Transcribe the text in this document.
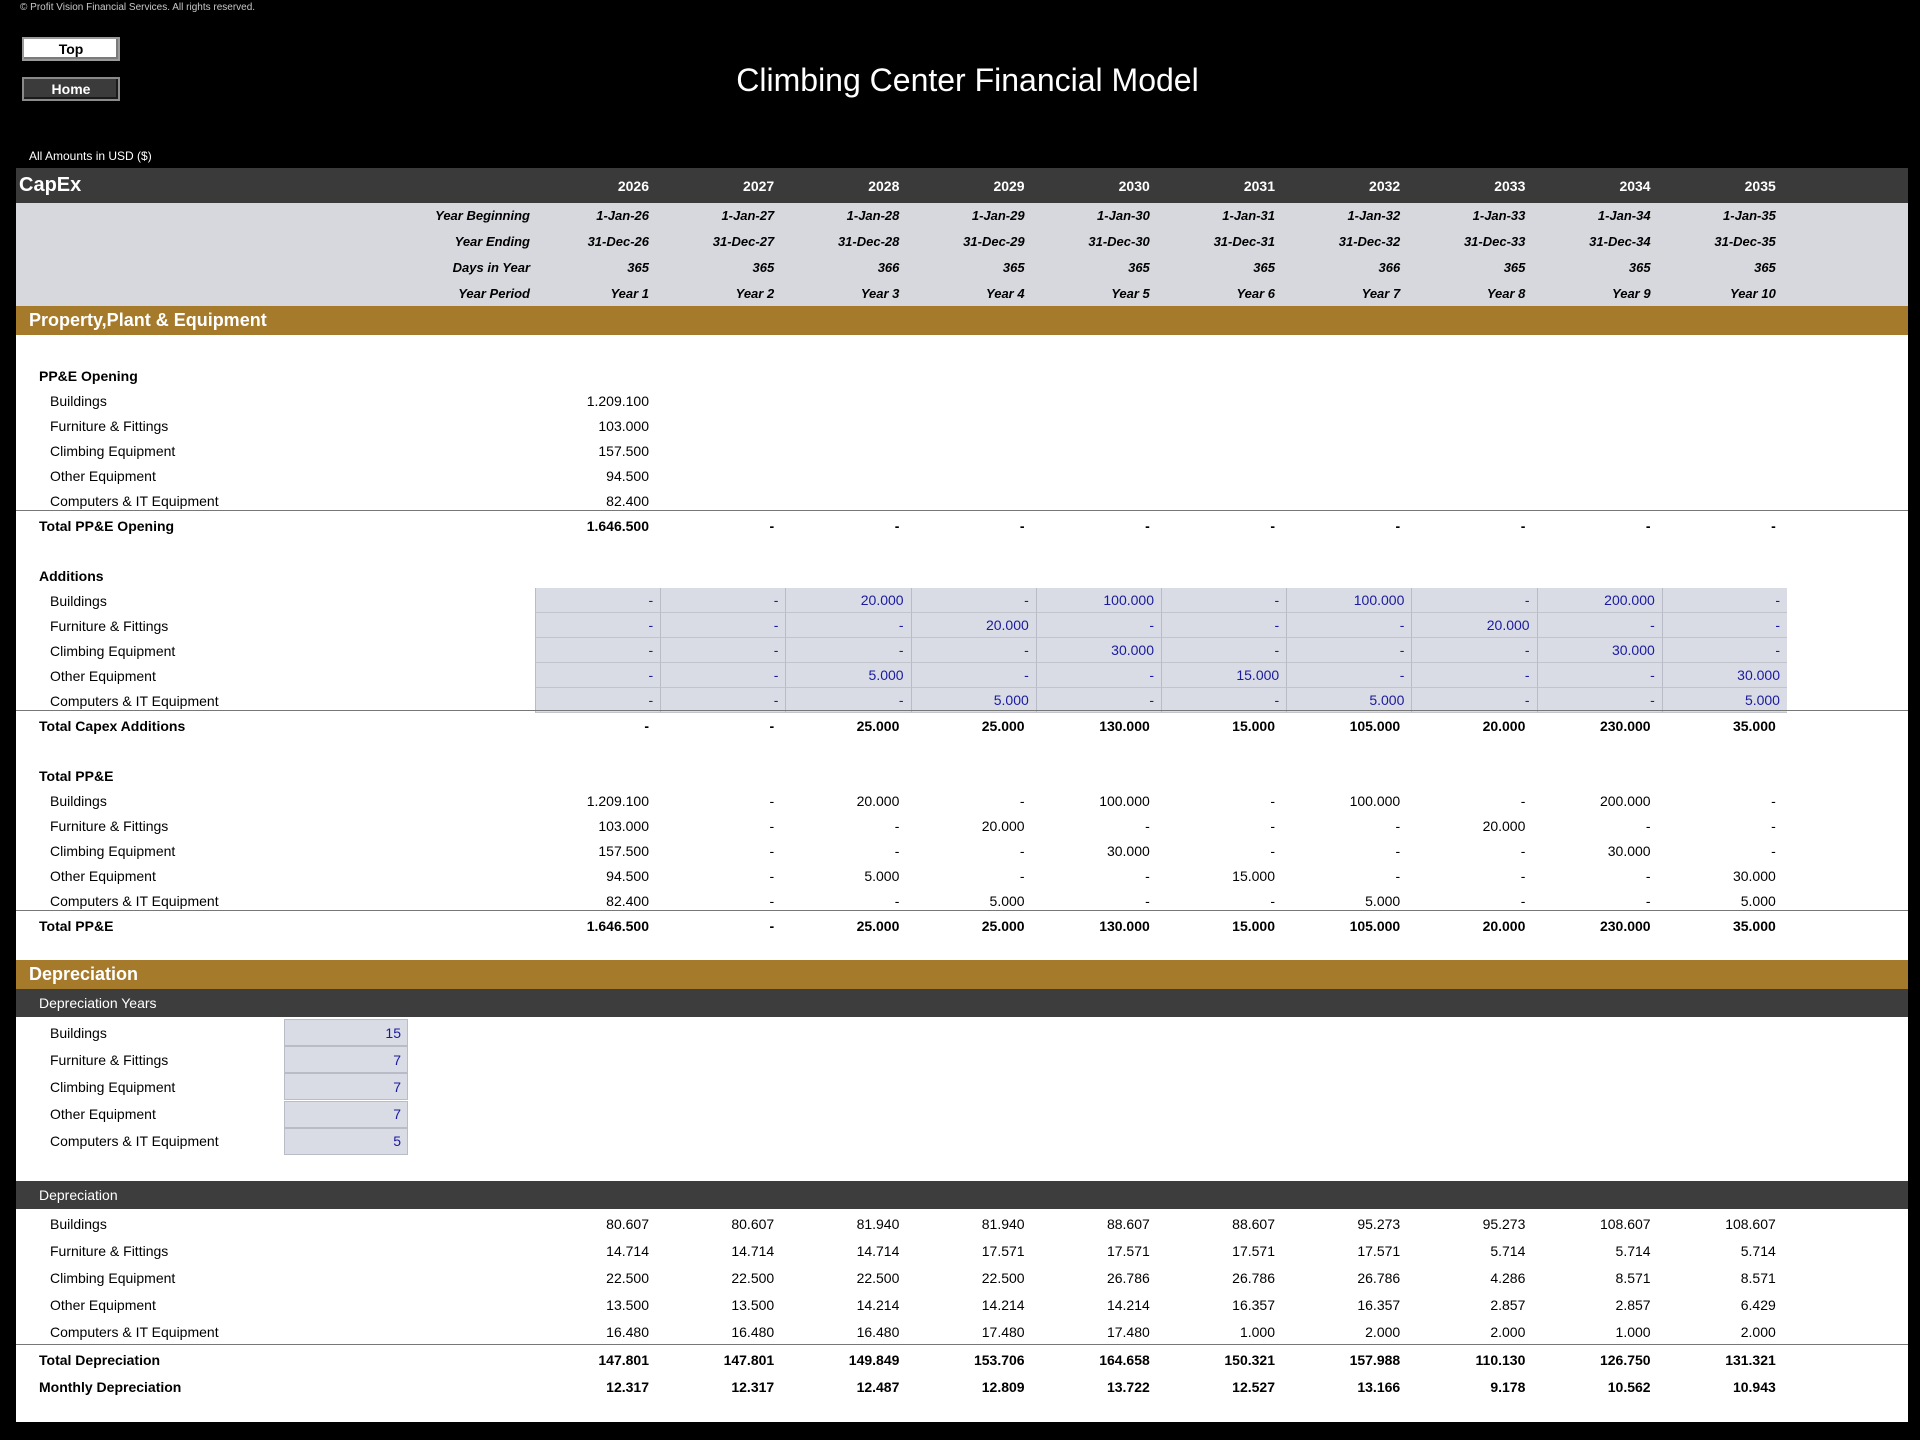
© Profit Vision Financial Services. All rights reserved.
Top
Home	Climbing Center Financial Model
All Amounts in USD ($)
CapEx	2026	2027	2028	2029	2030	2031	2032	2033	2034	2035
Year Beginning	1-Jan-26	1-Jan-27	1-Jan-28	1-Jan-29	1-Jan-30	1-Jan-31	1-Jan-32	1-Jan-33	1-Jan-34	1-Jan-35
Year Ending	31-Dec-26	31-Dec-27	31-Dec-28	31-Dec-29	31-Dec-30	31-Dec-31	31-Dec-32	31-Dec-33	31-Dec-34	31-Dec-35
Days in Year	365	365	366	365	365	365	366	365	365	365
Year Period	Year 1	Year 2	Year 3	Year 4	Year 5	Year 6	Year 7	Year 8	Year 9	Year 10
Property,Plant & Equipment
PP&E Opening
Buildings	1.209.100
Furniture & Fittings	103.000
Climbing Equipment	157.500
Other Equipment	94.500
Computers & IT Equipment	82.400
Total PP&E Opening	1.646.500	-	-	-	-	-	-	-	-	-
Additions
Buildings	-	-	20.000	-	100.000	-	100.000	-	200.000	-
Furniture & Fittings	-	-	-	20.000	-	-	-	20.000	-	-
Climbing Equipment	-	-	-	-	30.000	-	-	-	30.000	-
Other Equipment	-	-	5.000	-	-	15.000	-	-	-	30.000
Computers & IT Equipment	-	-	-	5.000	-	-	5.000	-	-	5.000
Total Capex Additions	-	-	25.000	25.000	130.000	15.000	105.000	20.000	230.000	35.000
Total PP&E
Buildings	1.209.100	-	20.000	-	100.000	-	100.000	-	200.000	-
Furniture & Fittings	103.000	-	-	20.000	-	-	-	20.000	-	-
Climbing Equipment	157.500	-	-	-	30.000	-	-	-	30.000	-
Other Equipment	94.500	-	5.000	-	-	15.000	-	-	-	30.000
Computers & IT Equipment	82.400	-	-	5.000	-	-	5.000	-	-	5.000
Total PP&E	1.646.500	-	25.000	25.000	130.000	15.000	105.000	20.000	230.000	35.000
Depreciation
Depreciation Years
Buildings	15
Furniture & Fittings	7
Climbing Equipment	7
Other Equipment	7
Computers & IT Equipment	5
Depreciation
Buildings	80.607	80.607	81.940	81.940	88.607	88.607	95.273	95.273	108.607	108.607
Furniture & Fittings	14.714	14.714	14.714	17.571	17.571	17.571	17.571	5.714	5.714	5.714
Climbing Equipment	22.500	22.500	22.500	22.500	26.786	26.786	26.786	4.286	8.571	8.571
Other Equipment	13.500	13.500	14.214	14.214	14.214	16.357	16.357	2.857	2.857	6.429
Computers & IT Equipment	16.480	16.480	16.480	17.480	17.480	1.000	2.000	2.000	1.000	2.000
Total Depreciation	147.801	147.801	149.849	153.706	164.658	150.321	157.988	110.130	126.750	131.321
Monthly Depreciation	12.317	12.317	12.487	12.809	13.722	12.527	13.166	9.178	10.562	10.943
